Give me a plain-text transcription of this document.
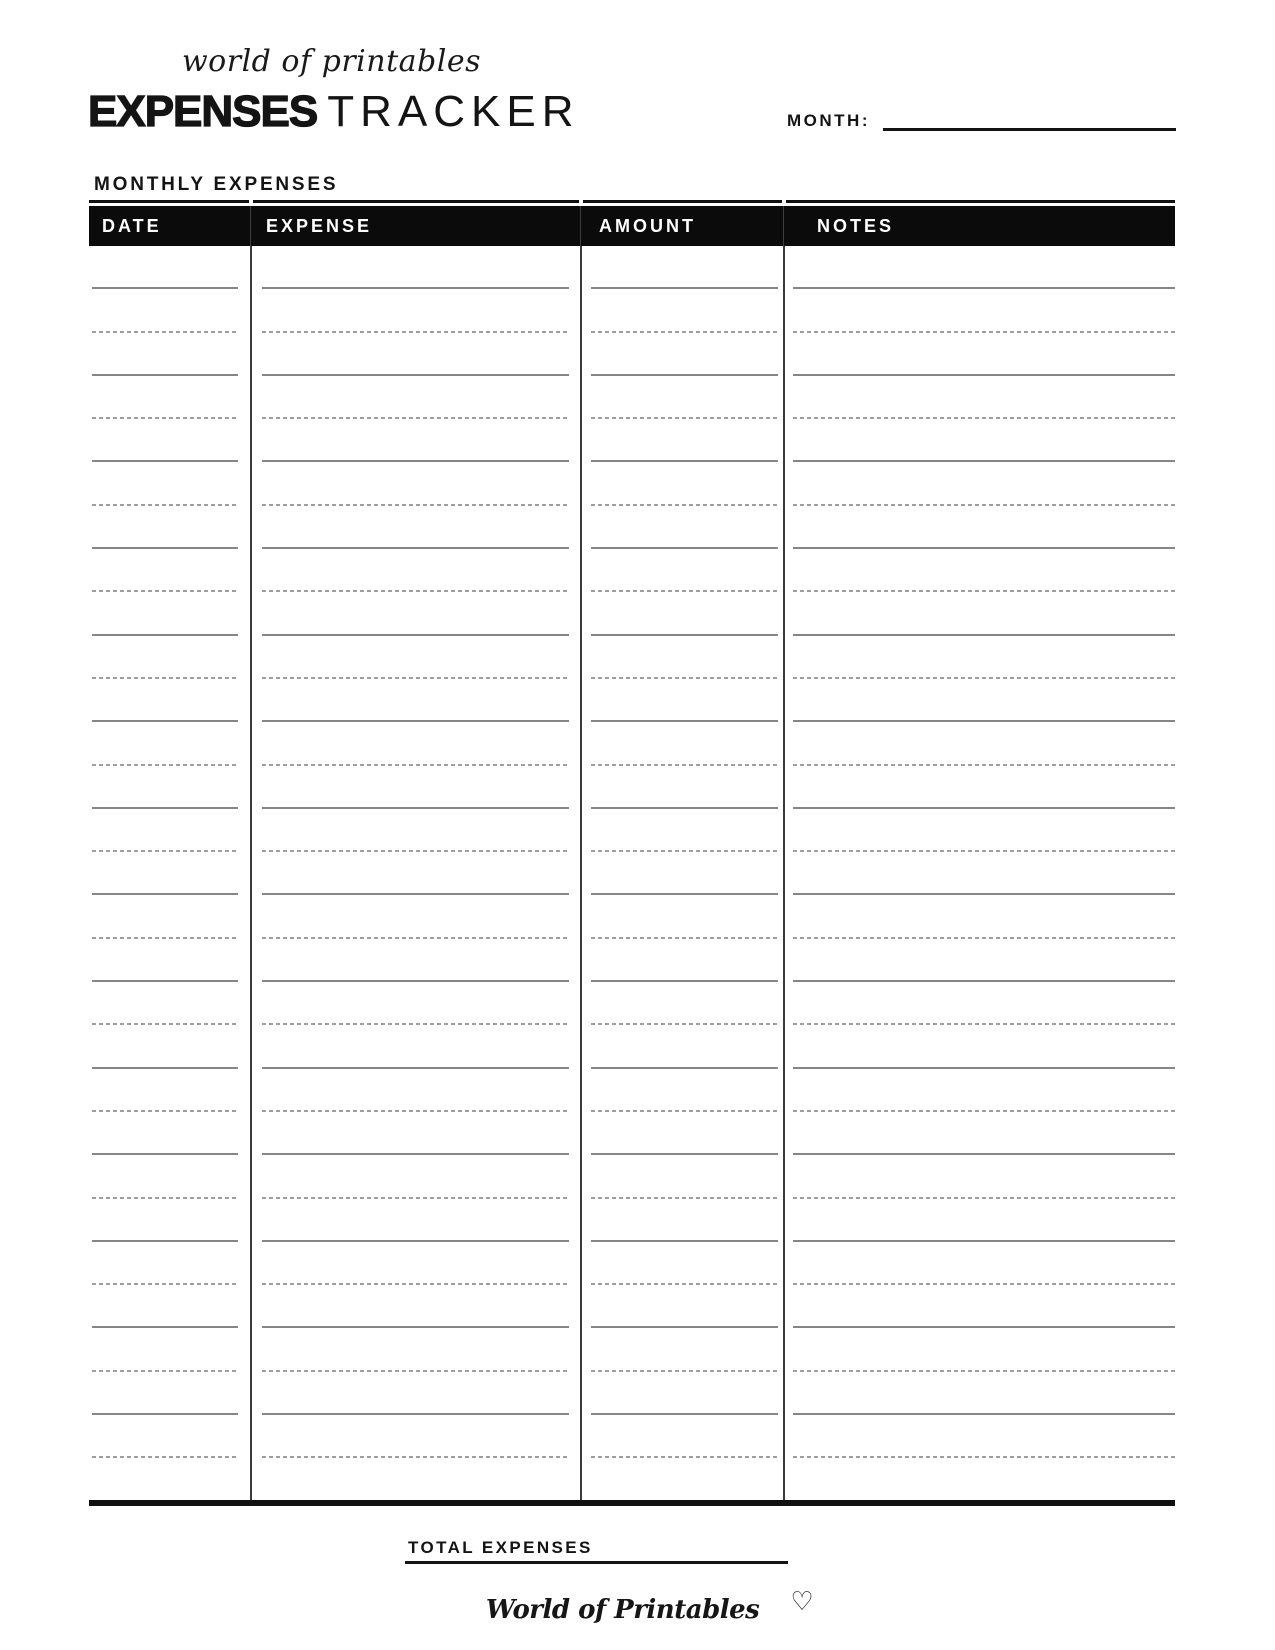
world of printables
EXPENSES TRACKER	MONTH:
MONTHLY EXPENSES
DATE	EXPENSE	AMOUNT	NOTES
TOTAL EXPENSES
World of Printables ♡
